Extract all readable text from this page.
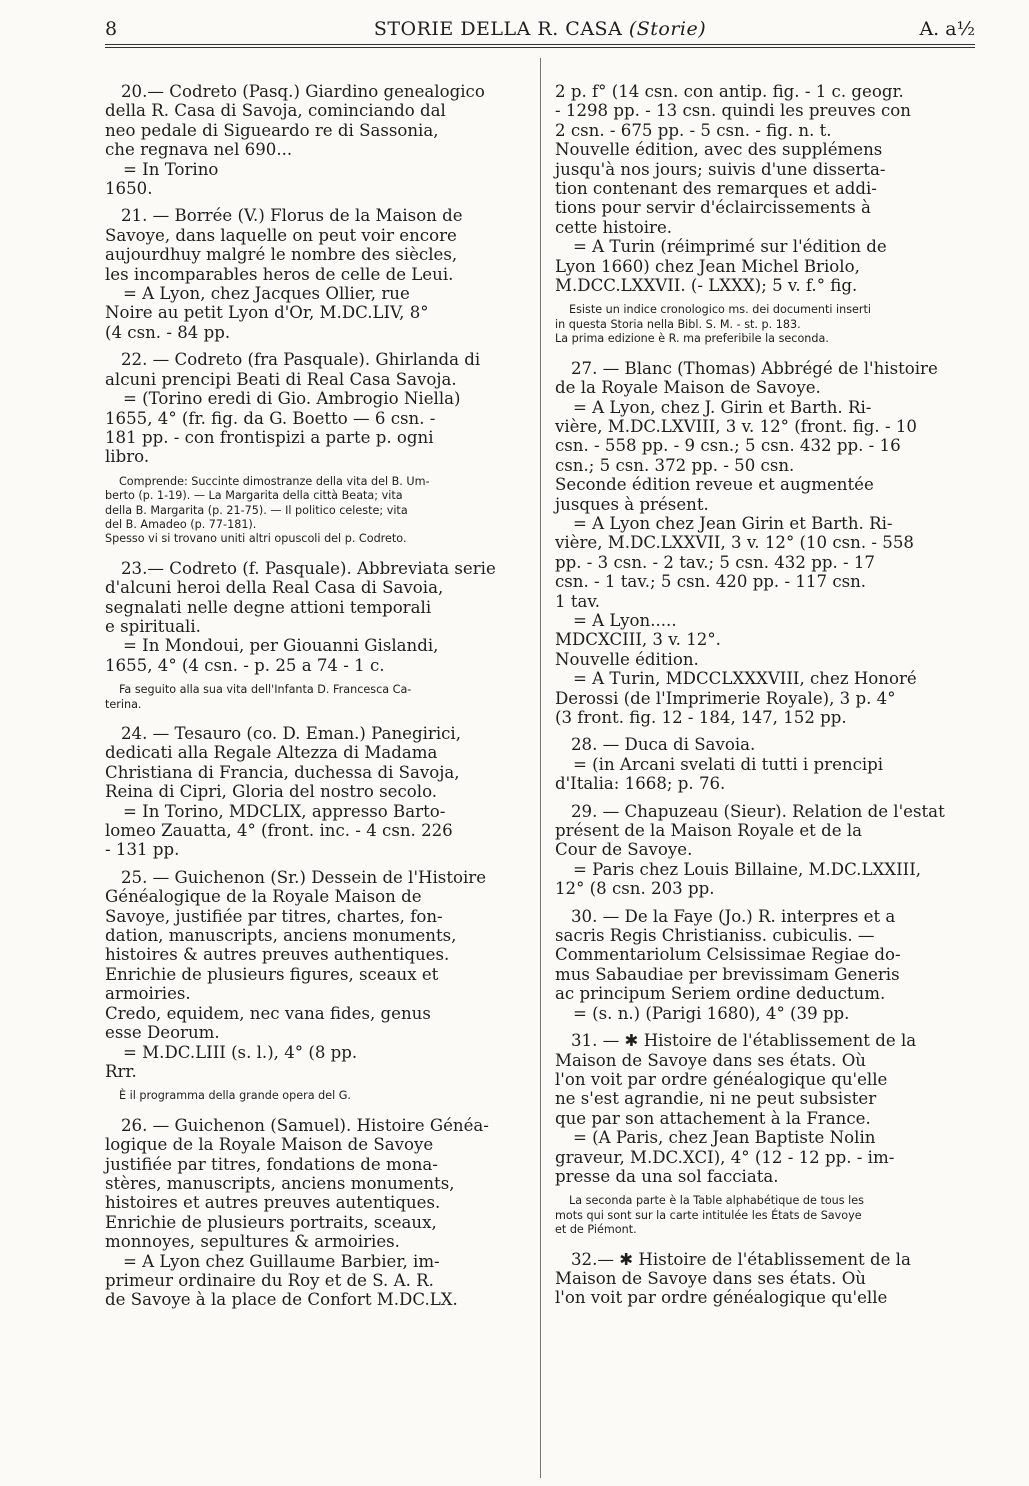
8	STORIE DELLA R. CASA (Storie)	A. a½
20.— Codreto (Pasq.) Giardino genealogico
della R. Casa di Savoja, cominciando dal
neo pedale di Sigueardo re di Sassonia,
che regnava nel 690...
= In Torino
1650.
21. — Borrée (V.) Florus de la Maison de
Savoye, dans laquelle on peut voir encore
aujourdhuy malgré le nombre des siècles,
les incomparables heros de celle de Leui.
= A Lyon, chez Jacques Ollier, rue
Noire au petit Lyon d'Or, M.DC.LIV, 8°
(4 csn. - 84 pp.
22. — Codreto (fra Pasquale). Ghirlanda di
alcuni prencipi Beati di Real Casa Savoja.
= (Torino eredi di Gio. Ambrogio Niella)
1655, 4° (fr. fig. da G. Boetto — 6 csn. -
181 pp. - con frontispizi a parte p. ogni
libro.
Comprende: Succinte dimostranze della vita del B. Um-
berto (p. 1-19). — La Margarita della città Beata; vita
della B. Margarita (p. 21-75). — Il politico celeste; vita
del B. Amadeo (p. 77-181).
Spesso vi si trovano uniti altri opuscoli del p. Codreto.
23.— Codreto (f. Pasquale). Abbreviata serie
d'alcuni heroi della Real Casa di Savoia,
segnalati nelle degne attioni temporali
e spirituali.
= In Mondoui, per Giouanni Gislandi,
1655, 4° (4 csn. - p. 25 a 74 - 1 c.
Fa seguito alla sua vita dell'Infanta D. Francesca Ca-
terina.
24. — Tesauro (co. D. Eman.) Panegirici,
dedicati alla Regale Altezza di Madama
Christiana di Francia, duchessa di Savoja,
Reina di Cipri, Gloria del nostro secolo.
= In Torino, MDCLIX, appresso Barto-
lomeo Zauatta, 4° (front. inc. - 4 csn. 226
- 131 pp.
25. — Guichenon (Sr.) Dessein de l'Histoire
Généalogique de la Royale Maison de
Savoye, justifiée par titres, chartes, fon-
dation, manuscripts, anciens monuments,
histoires & autres preuves authentiques.
Enrichie de plusieurs figures, sceaux et
armoiries.
Credo, equidem, nec vana fides, genus
esse Deorum.
= M.DC.LIII (s. l.), 4° (8 pp.
Rrr.
È il programma della grande opera del G.
26. — Guichenon (Samuel). Histoire Généa-
logique de la Royale Maison de Savoye
justifiée par titres, fondations de mona-
stères, manuscripts, anciens monuments,
histoires et autres preuves autentiques.
Enrichie de plusieurs portraits, sceaux,
monnoyes, sepultures & armoiries.
= A Lyon chez Guillaume Barbier, im-
primeur ordinaire du Roy et de S. A. R.
de Savoye à la place de Confort M.DC.LX.
2 p. f° (14 csn. con antip. fig. - 1 c. geogr.
- 1298 pp. - 13 csn. quindi les preuves con
2 csn. - 675 pp. - 5 csn. - fig. n. t.
Nouvelle édition, avec des supplémens
jusqu'à nos jours; suivis d'une disserta-
tion contenant des remarques et addi-
tions pour servir d'éclaircissements à
cette histoire.
= A Turin (réimprimé sur l'édition de
Lyon 1660) chez Jean Michel Briolo,
M.DCC.LXXVII. (- LXXX); 5 v. f.° fig.
Esiste un indice cronologico ms. dei documenti inserti
in questa Storia nella Bibl. S. M. - st. p. 183.
La prima edizione è R. ma preferibile la seconda.
27. — Blanc (Thomas) Abbrégé de l'histoire
de la Royale Maison de Savoye.
= A Lyon, chez J. Girin et Barth. Ri-
vière, M.DC.LXVIII, 3 v. 12° (front. fig. - 10
csn. - 558 pp. - 9 csn.; 5 csn. 432 pp. - 16
csn.; 5 csn. 372 pp. - 50 csn.
Seconde édition reveue et augmentée
jusques à présent.
= A Lyon chez Jean Girin et Barth. Ri-
vière, M.DC.LXXVII, 3 v. 12° (10 csn. - 558
pp. - 3 csn. - 2 tav.; 5 csn. 432 pp. - 17
csn. - 1 tav.; 5 csn. 420 pp. - 117 csn.
1 tav.
= A Lyon.....
MDCXCIII, 3 v. 12°.
Nouvelle édition.
= A Turin, MDCCLXXXVIII, chez Honoré
Derossi (de l'Imprimerie Royale), 3 p. 4°
(3 front. fig. 12 - 184, 147, 152 pp.
28. — Duca di Savoia.
= (in Arcani svelati di tutti i prencipi
d'Italia: 1668; p. 76.
29. — Chapuzeau (Sieur). Relation de l'estat
présent de la Maison Royale et de la
Cour de Savoye.
= Paris chez Louis Billaine, M.DC.LXXIII,
12° (8 csn. 203 pp.
30. — De la Faye (Jo.) R. interpres et a
sacris Regis Christianiss. cubiculis. —
Commentariolum Celsissimae Regiae do-
mus Sabaudiae per brevissimam Generis
ac principum Seriem ordine deductum.
= (s. n.) (Parigi 1680), 4° (39 pp.
31. — ✱ Histoire de l'établissement de la
Maison de Savoye dans ses états. Où
l'on voit par ordre généalogique qu'elle
ne s'est agrandie, ni ne peut subsister
que par son attachement à la France.
= (A Paris, chez Jean Baptiste Nolin
graveur, M.DC.XCI), 4° (12 - 12 pp. - im-
presse da una sol facciata.
La seconda parte è la Table alphabétique de tous les
mots qui sont sur la carte intitulée les États de Savoye
et de Piémont.
32.— ✱ Histoire de l'établissement de la
Maison de Savoye dans ses états. Où
l'on voit par ordre généalogique qu'elle
